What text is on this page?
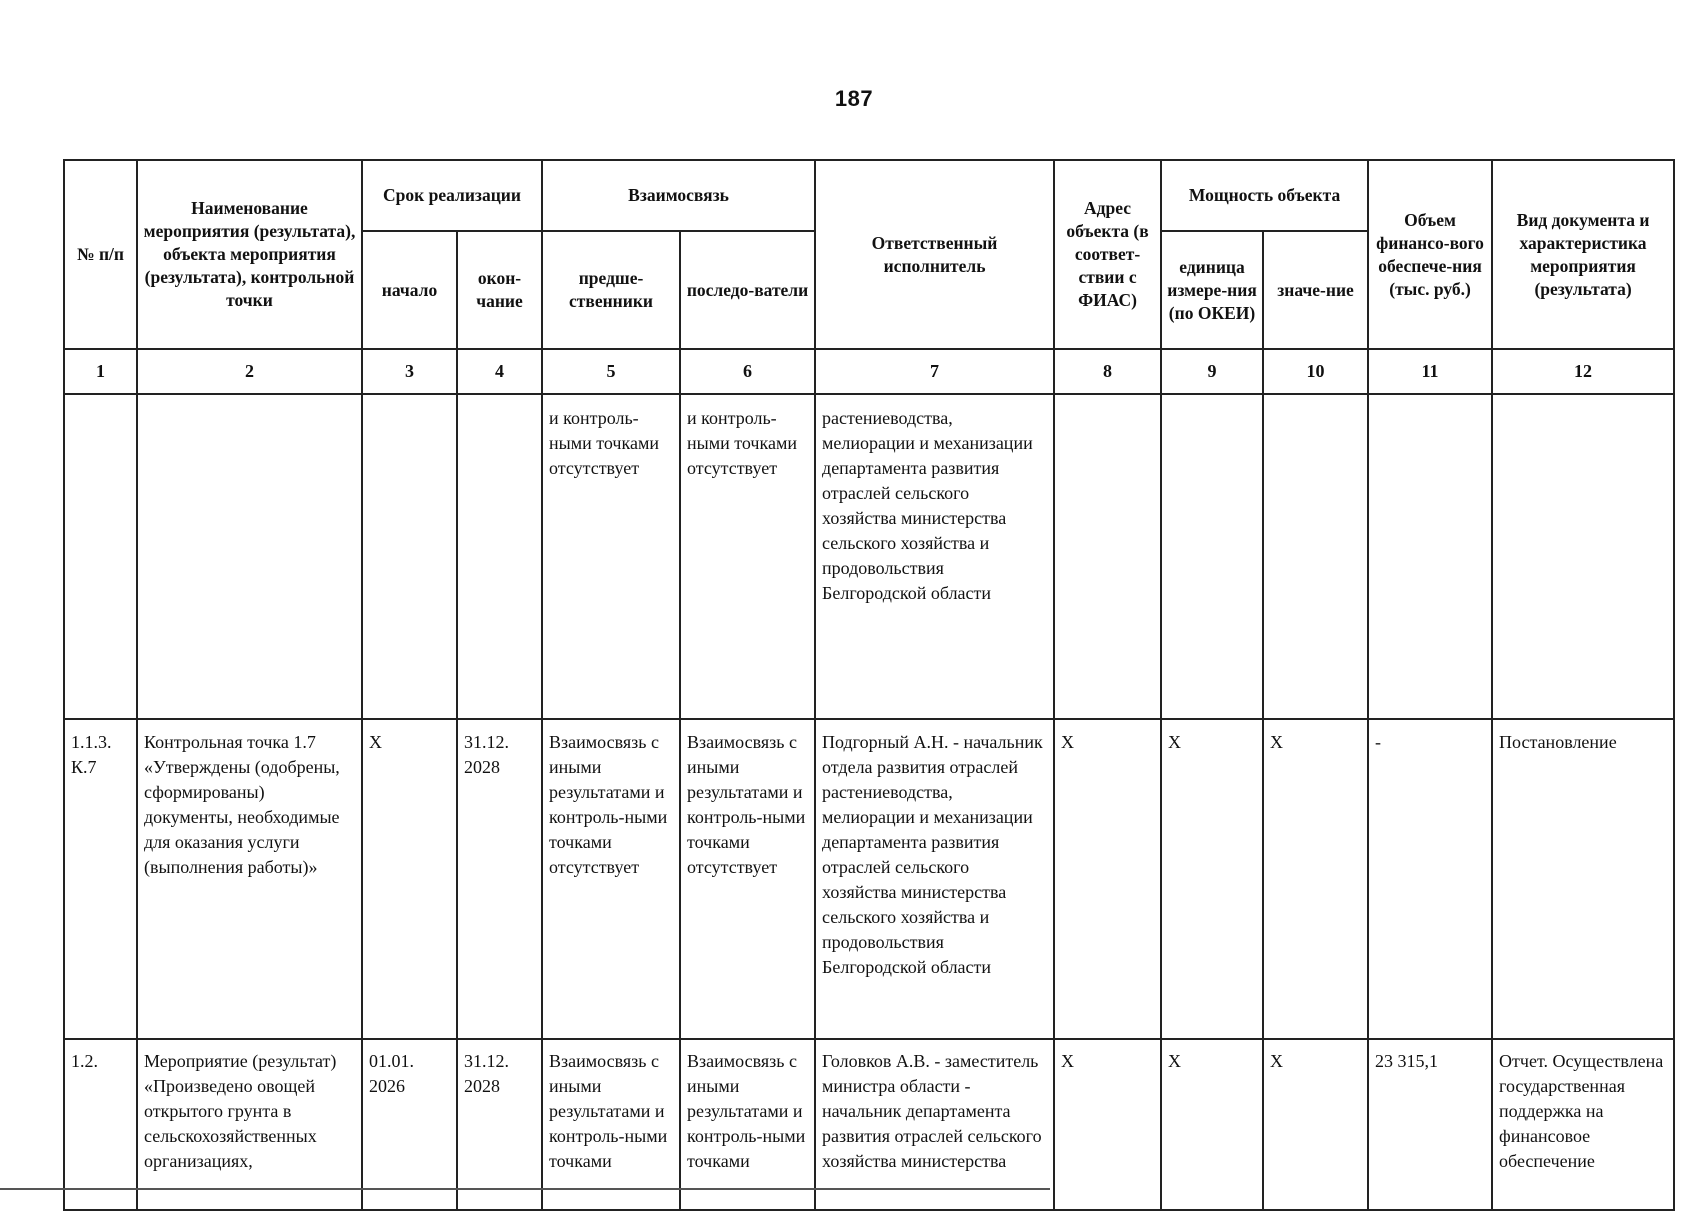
187
№ п/п	Наименование мероприятия (результата), объекта мероприятия (результата), контрольной точки	Срок реализации		Взаимосвязь		Ответственный исполнитель	Адрес объекта (в соответ-ствии с ФИАС)	Мощность объекта		Объем финансо-вого обеспече-ния (тыс. руб.)	Вид документа и характеристика мероприятия (результата)
		начало	окон-чание	предше-ственники	последо-ватели			единица измере-ния (по ОКЕИ)	значе-ние		
1	2	3	4	5	6	7	8	9	10	11	12

				и контроль-ными точками отсутствует	и контроль-ными точками отсутствует	растениеводства, мелиорации и механизации департамента развития отраслей сельского хозяйства министерства сельского хозяйства и продовольствия Белгородской области					

1.1.3. К.7	Контрольная точка 1.7 «Утверждены (одобрены, сформированы) документы, необходимые для оказания услуги (выполнения работы)»	Х	31.12. 2028	Взаимосвязь с иными результатами и контроль-ными точками отсутствует	Взаимосвязь с иными результатами и контроль-ными точками отсутствует	Подгорный А.Н. - начальник отдела развития отраслей растениеводства, мелиорации и механизации департамента развития отраслей сельского хозяйства министерства сельского хозяйства и продовольствия Белгородской области	Х	Х	Х	-	Постановление

1.2.	Мероприятие (результат) «Произведено овощей открытого грунта в сельскохозяйственных организациях,	01.01. 2026	31.12. 2028	Взаимосвязь с иными результатами и контроль-ными точками	Взаимосвязь с иными результатами и контроль-ными точками	Головков А.В. - заместитель министра области - начальник департамента развития отраслей сельского хозяйства министерства	Х	Х	Х	23 315,1	Отчет. Осуществлена государственная поддержка на финансовое обеспечение
